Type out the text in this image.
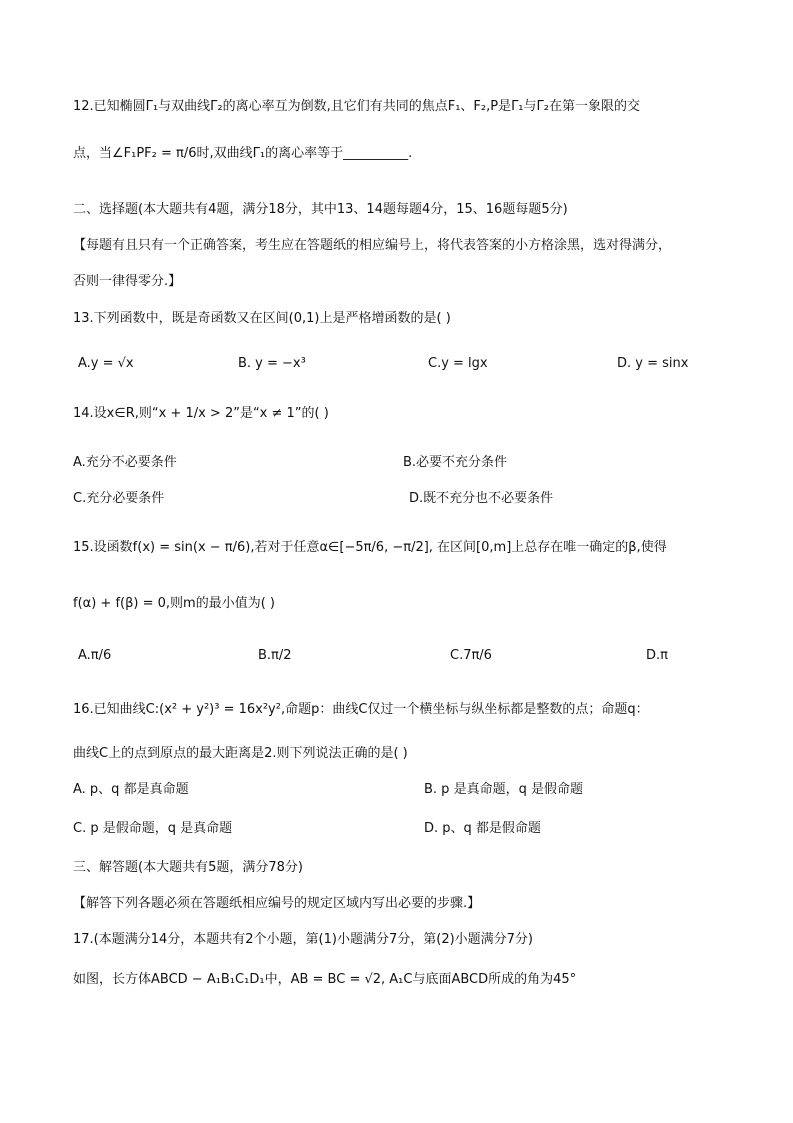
12.已知椭圆Γ₁与双曲线Γ₂的离心率互为倒数,且它们有共同的焦点F₁、F₂,P是Γ₁与Γ₂在第一象限的交
点，当∠F₁PF₂ = π/6时,双曲线Γ₁的离心率等于__________.
二、选择题(本大题共有4题，满分18分，其中13、14题每题4分，15、16题每题5分)
【每题有且只有一个正确答案，考生应在答题纸的相应编号上，将代表答案的小方格涂黑，选对得满分，
否则一律得零分.】
13.下列函数中，既是奇函数又在区间(0,1)上是严格增函数的是( )
A.y = √x	B. y = −x³	C.y = lgx	D. y = sinx
14.设x∈R,则“x + 1/x > 2”是“x ≠ 1”的( )
A.充分不必要条件	B.必要不充分条件
C.充分必要条件	D.既不充分也不必要条件
15.设函数f(x) = sin(x − π/6),若对于任意α∈[−5π/6, −π/2], 在区间[0,m]上总存在唯一确定的β,使得
f(α) + f(β) = 0,则m的最小值为( )
A.π/6	B.π/2	C.7π/6	D.π
16.已知曲线C:(x² + y²)³ = 16x²y²,命题p：曲线C仅过一个横坐标与纵坐标都是整数的点；命题q：
曲线C上的点到原点的最大距离是2.则下列说法正确的是( )
A. p、q 都是真命题	B. p 是真命题，q 是假命题
C. p 是假命题，q 是真命题	D. p、q 都是假命题
三、解答题(本大题共有5题，满分78分)
【解答下列各题必须在答题纸相应编号的规定区域内写出必要的步骤.】
17.(本题满分14分，本题共有2个小题，第(1)小题满分7分，第(2)小题满分7分)
如图，长方体ABCD − A₁B₁C₁D₁中，AB = BC = √2, A₁C与底面ABCD所成的角为45°
